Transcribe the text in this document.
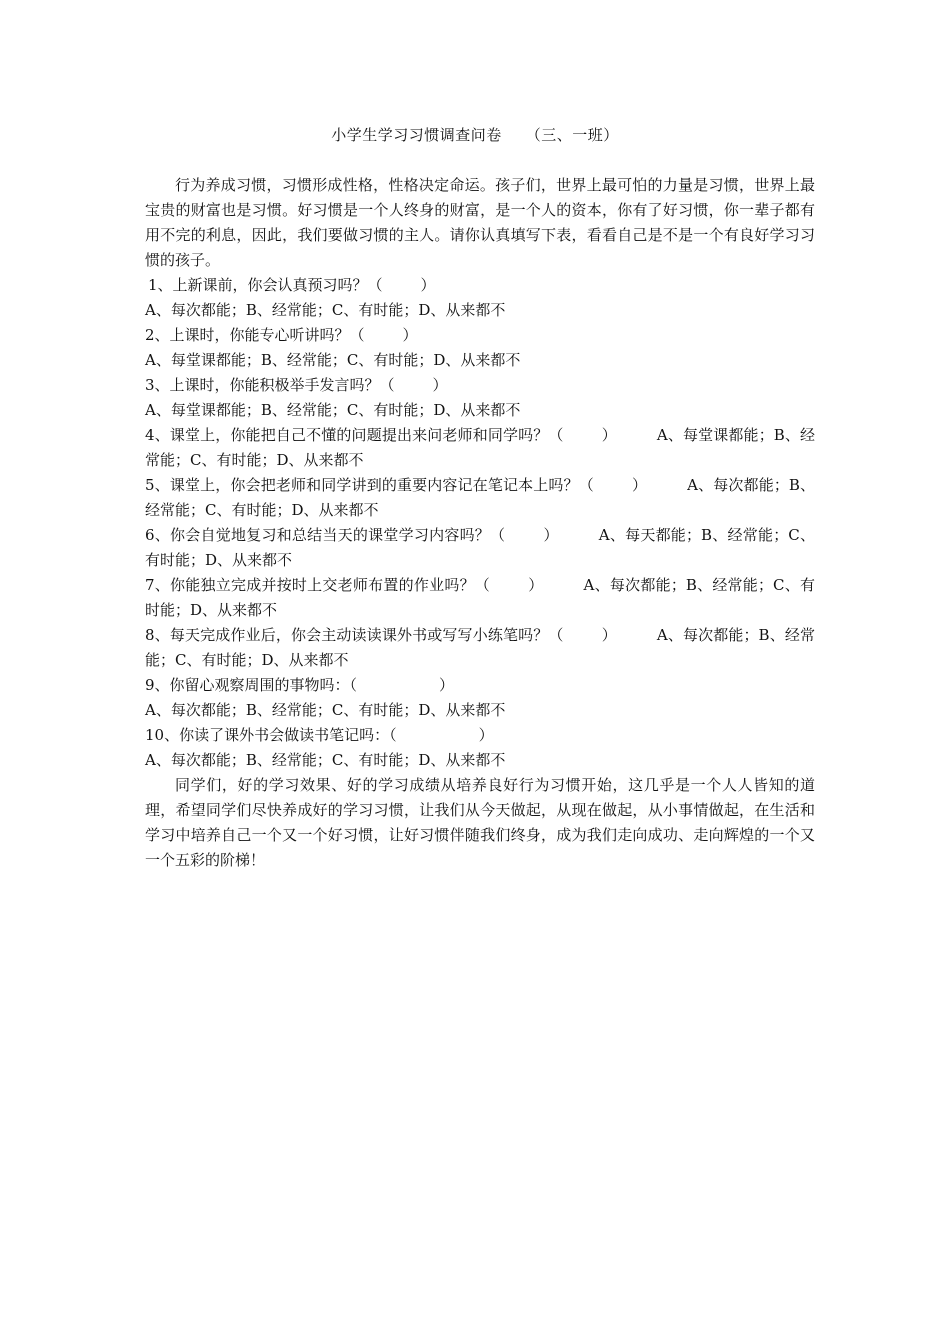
小学生学习习惯调查问卷 （三、一班）

行为养成习惯，习惯形成性格，性格决定命运。孩子们，世界上最可怕的力量是习惯，世界上最宝贵的财富也是习惯。好习惯是一个人终身的财富，是一个人的资本，你有了好习惯，你一辈子都有用不完的利息，因此，我们要做习惯的主人。请你认真填写下表，看看自己是不是一个有良好学习习惯的孩子。

1、上新课前，你会认真预习吗？（	）

A、每次都能；B、经常能；C、有时能；D、从来都不

2、上课时，你能专心听讲吗？（	）

A、每堂课都能；B、经常能；C、有时能；D、从来都不

3、上课时，你能积极举手发言吗？（	）

A、每堂课都能；B、经常能；C、有时能；D、从来都不

4、课堂上，你能把自己不懂的问题提出来问老师和同学吗？（	）	A、每堂课都能；B、经常能；C、有时能；D、从来都不

5、课堂上，你会把老师和同学讲到的重要内容记在笔记本上吗？（	）	A、每次都能；B、经常能；C、有时能；D、从来都不

6、你会自觉地复习和总结当天的课堂学习内容吗？（	）	A、每天都能；B、经常能；C、有时能；D、从来都不

7、你能独立完成并按时上交老师布置的作业吗？（	）	A、每次都能；B、经常能；C、有时能；D、从来都不

8、每天完成作业后，你会主动读读课外书或写写小练笔吗？（	）	A、每次都能；B、经常能；C、有时能；D、从来都不

9、你留心观察周围的事物吗：（	）

A、每次都能；B、经常能；C、有时能；D、从来都不

10、你读了课外书会做读书笔记吗：（	）

A、每次都能；B、经常能；C、有时能；D、从来都不

同学们，好的学习效果、好的学习成绩从培养良好行为习惯开始，这几乎是一个人人皆知的道理，希望同学们尽快养成好的学习习惯，让我们从今天做起，从现在做起，从小事情做起，在生活和学习中培养自己一个又一个好习惯，让好习惯伴随我们终身，成为我们走向成功、走向辉煌的一个又一个五彩的阶梯！
